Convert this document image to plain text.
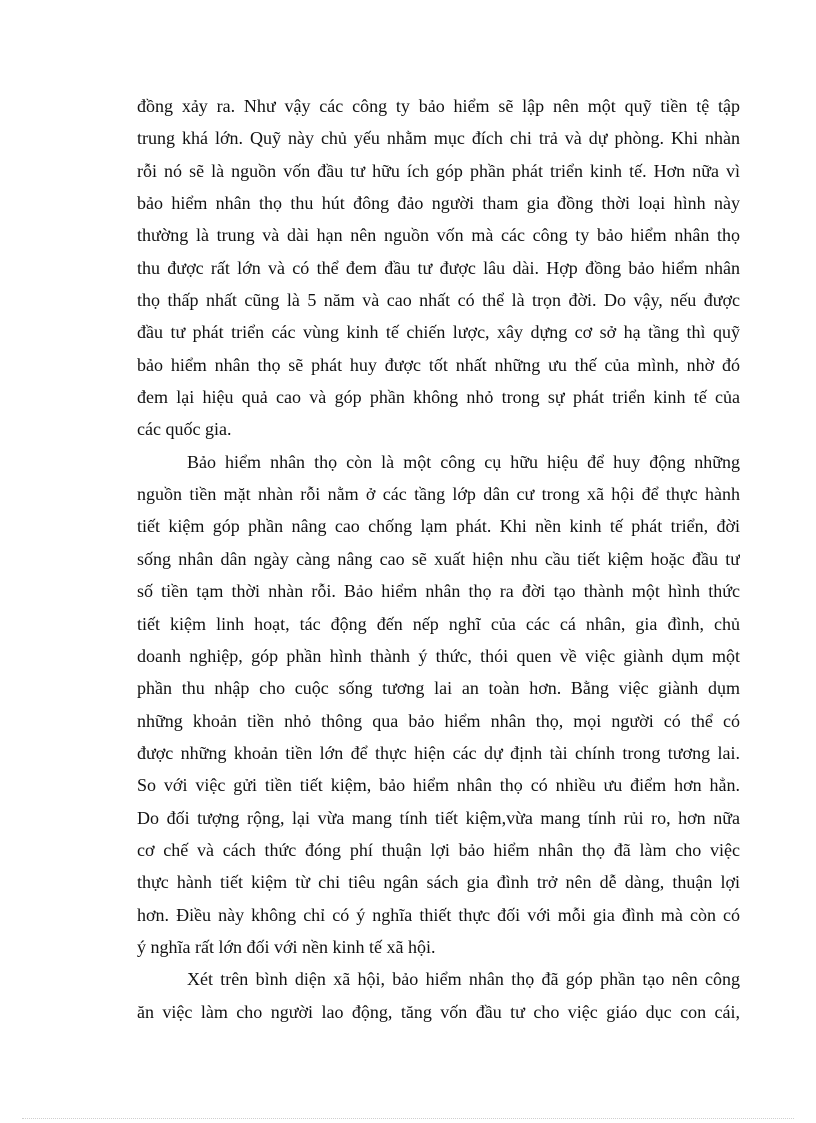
đồng xảy ra. Như vậy các công ty bảo hiểm sẽ lập nên một quỹ tiền tệ tập
trung khá lớn. Quỹ này chủ yếu nhằm mục đích chi trả và dự phòng. Khi nhàn
rỗi nó sẽ là nguồn vốn đầu tư hữu ích góp phần phát triển kinh tế. Hơn nữa vì
bảo hiểm nhân thọ thu hút đông đảo người tham gia đồng thời loại hình này
thường là trung và dài hạn nên nguồn vốn mà các công ty bảo hiểm nhân thọ
thu được rất lớn và có thể đem đầu tư được lâu dài. Hợp đồng bảo hiểm nhân
thọ thấp nhất cũng là 5 năm và cao nhất có thể là trọn đời. Do vậy, nếu được
đầu tư phát triển các vùng kinh tế chiến lược, xây dựng cơ sở hạ tầng thì quỹ
bảo hiểm nhân thọ sẽ phát huy được tốt nhất những ưu thế của mình, nhờ đó
đem lại hiệu quả cao và góp phần không nhỏ trong sự phát triển kinh tế của
các quốc gia.
Bảo hiểm nhân thọ còn là một công cụ hữu hiệu để huy động những
nguồn tiền mặt nhàn rỗi nằm ở các tầng lớp dân cư trong xã hội để thực hành
tiết kiệm góp phần nâng cao chống lạm phát. Khi nền kinh tế phát triển, đời
sống nhân dân ngày càng nâng cao sẽ xuất hiện nhu cầu tiết kiệm hoặc đầu tư
số tiền tạm thời nhàn rỗi. Bảo hiểm nhân thọ ra đời tạo thành một hình thức
tiết kiệm linh hoạt, tác động đến nếp nghĩ của các cá nhân, gia đình, chủ
doanh nghiệp, góp phần hình thành ý thức, thói quen về việc giành dụm một
phần thu nhập cho cuộc sống tương lai an toàn hơn. Bằng việc giành dụm
những khoản tiền nhỏ thông qua bảo hiểm nhân thọ, mọi người có thể có
được những khoản tiền lớn để thực hiện các dự định tài chính trong tương lai.
So với việc gửi tiền tiết kiệm, bảo hiểm nhân thọ có nhiều ưu điểm hơn hẳn.
Do đối tượng rộng, lại vừa mang tính tiết kiệm,vừa mang tính rủi ro, hơn nữa
cơ chế và cách thức đóng phí thuận lợi bảo hiểm nhân thọ đã làm cho việc
thực hành tiết kiệm từ chi tiêu ngân sách gia đình trở nên dễ dàng, thuận lợi
hơn. Điều này không chỉ có ý nghĩa thiết thực đối với mỗi gia đình mà còn có
ý nghĩa rất lớn đối với nền kinh tế xã hội.
Xét trên bình diện xã hội, bảo hiểm nhân thọ đã góp phần tạo nên công
ăn việc làm cho người lao động, tăng vốn đầu tư cho việc giáo dục con cái,
